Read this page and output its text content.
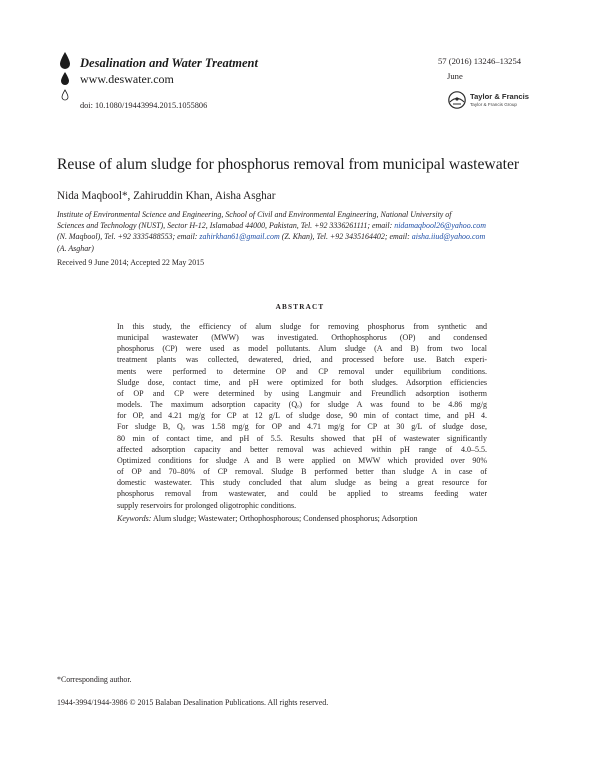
Desalination and Water Treatment
www.deswater.com
doi: 10.1080/19443994.2015.1055806
57 (2016) 13246–13254
June
Taylor & Francis
Taylor & Francis Group
Reuse of alum sludge for phosphorus removal from municipal wastewater
Nida Maqbool*, Zahiruddin Khan, Aisha Asghar
Institute of Environmental Science and Engineering, School of Civil and Environmental Engineering, National University of
Sciences and Technology (NUST), Sector H-12, Islamabad 44000, Pakistan, Tel. +92 3336261111; email: nidamaqbool26@yahoo.com
(N. Maqbool), Tel. +92 3335488553; email: zahirkhan61@gmail.com (Z. Khan), Tel. +92 3435164402; email: aisha.iiud@yahoo.com
(A. Asghar)
Received 9 June 2014; Accepted 22 May 2015
ABSTRACT
In this study, the efficiency of alum sludge for removing phosphorus from synthetic and
municipal wastewater (MWW) was investigated. Orthophosphorus (OP) and condensed
phosphorus (CP) were used as model pollutants. Alum sludge (A and B) from two local
treatment plants was collected, dewatered, dried, and processed before use. Batch experi-
ments were performed to determine OP and CP removal under equilibrium conditions.
Sludge dose, contact time, and pH were optimized for both sludges. Adsorption efficiencies
of OP and CP were determined by using Langmuir and Freundlich adsorption isotherm
models. The maximum adsorption capacity (Qₒ) for sludge A was found to be 4.86 mg/g
for OP, and 4.21 mg/g for CP at 12 g/L of sludge dose, 90 min of contact time, and pH 4.
For sludge B, Qₒ was 1.58 mg/g for OP and 4.71 mg/g for CP at 30 g/L of sludge dose,
80 min of contact time, and pH of 5.5. Results showed that pH of wastewater significantly
affected adsorption capacity and better removal was achieved within pH range of 4.0–5.5.
Optimized conditions for sludge A and B were applied on MWW which provided over 90%
of OP and 70–80% of CP removal. Sludge B performed better than sludge A in case of
domestic wastewater. This study concluded that alum sludge as being a great resource for
phosphorus removal from wastewater, and could be applied to streams feeding water
supply reservoirs for prolonged oligotrophic conditions.
Keywords: Alum sludge; Wastewater; Orthophosphorous; Condensed phosphorus; Adsorption
*Corresponding author.
1944-3994/1944-3986 © 2015 Balaban Desalination Publications. All rights reserved.
